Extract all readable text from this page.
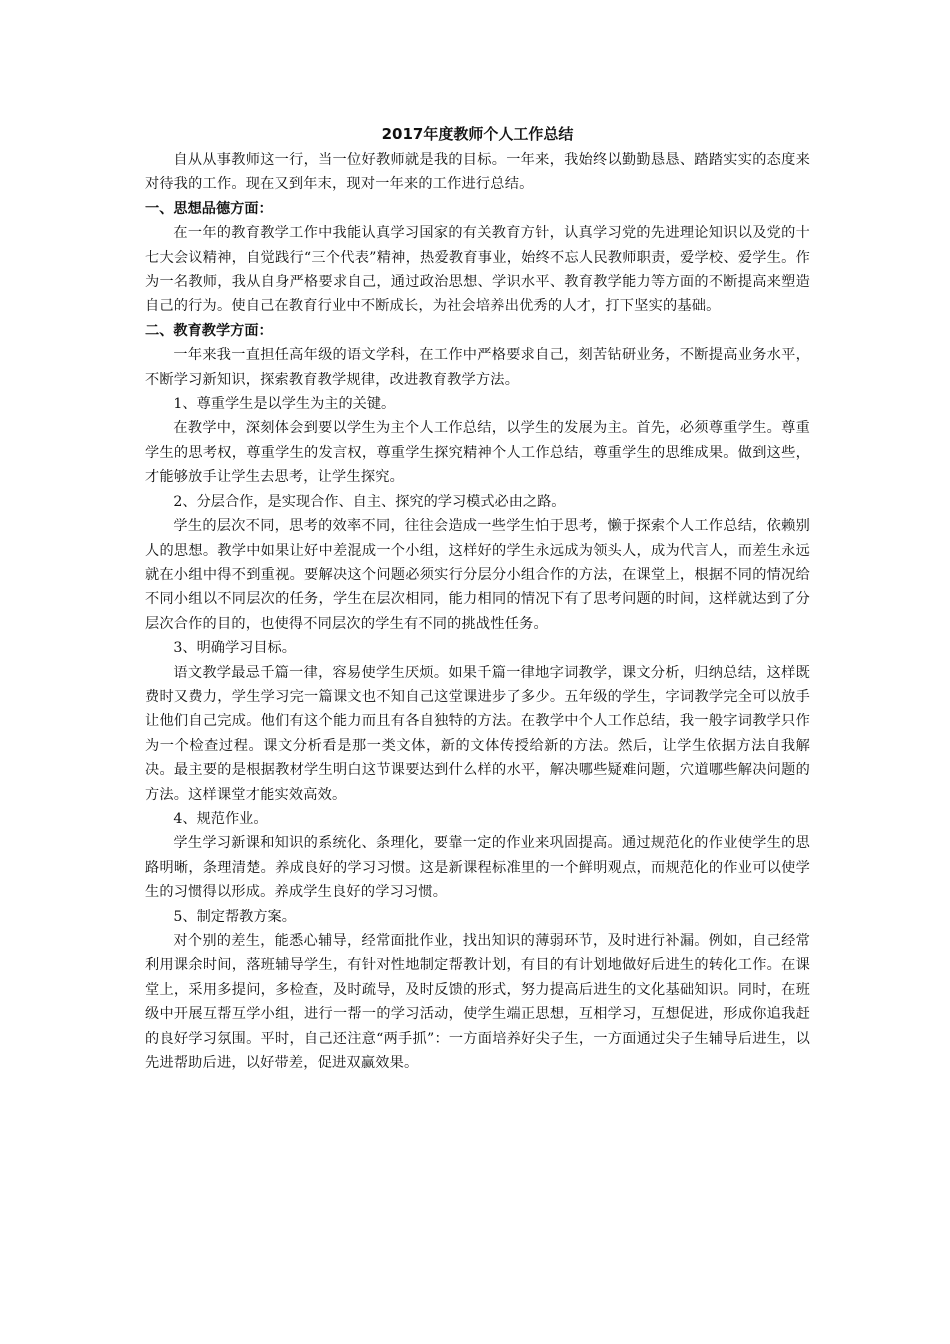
2017年度教师个人工作总结

自从从事教师这一行，当一位好教师就是我的目标。一年来，我始终以勤勤恳恳、踏踏实实的态度来对待我的工作。现在又到年末，现对一年来的工作进行总结。

一、思想品德方面：

在一年的教育教学工作中我能认真学习国家的有关教育方针，认真学习党的先进理论知识以及党的十七大会议精神，自觉践行“三个代表”精神，热爱教育事业，始终不忘人民教师职责，爱学校、爱学生。作为一名教师，我从自身严格要求自己，通过政治思想、学识水平、教育教学能力等方面的不断提高来塑造自己的行为。使自己在教育行业中不断成长，为社会培养出优秀的人才，打下坚实的基础。

二、教育教学方面：

一年来我一直担任高年级的语文学科，在工作中严格要求自己，刻苦钻研业务，不断提高业务水平，不断学习新知识，探索教育教学规律，改进教育教学方法。

1、尊重学生是以学生为主的关键。

在教学中，深刻体会到要以学生为主个人工作总结，以学生的发展为主。首先，必须尊重学生。尊重学生的思考权，尊重学生的发言权，尊重学生探究精神个人工作总结，尊重学生的思维成果。做到这些，才能够放手让学生去思考，让学生探究。

2、分层合作，是实现合作、自主、探究的学习模式必由之路。

学生的层次不同，思考的效率不同，往往会造成一些学生怕于思考，懒于探索个人工作总结，依赖别人的思想。教学中如果让好中差混成一个小组，这样好的学生永远成为领头人，成为代言人，而差生永远就在小组中得不到重视。要解决这个问题必须实行分层分小组合作的方法，在课堂上，根据不同的情况给不同小组以不同层次的任务，学生在层次相同，能力相同的情况下有了思考问题的时间，这样就达到了分层次合作的目的，也使得不同层次的学生有不同的挑战性任务。

3、明确学习目标。

语文教学最忌千篇一律，容易使学生厌烦。如果千篇一律地字词教学，课文分析，归纳总结，这样既费时又费力，学生学习完一篇课文也不知自己这堂课进步了多少。五年级的学生，字词教学完全可以放手让他们自己完成。他们有这个能力而且有各自独特的方法。在教学中个人工作总结，我一般字词教学只作为一个检查过程。课文分析看是那一类文体，新的文体传授给新的方法。然后，让学生依据方法自我解决。最主要的是根据教材学生明白这节课要达到什么样的水平，解决哪些疑难问题，穴道哪些解决问题的方法。这样课堂才能实效高效。

4、规范作业。

学生学习新课和知识的系统化、条理化，要靠一定的作业来巩固提高。通过规范化的作业使学生的思路明晰，条理清楚。养成良好的学习习惯。这是新课程标准里的一个鲜明观点，而规范化的作业可以使学生的习惯得以形成。养成学生良好的学习习惯。

5、制定帮教方案。

对个别的差生，能悉心辅导，经常面批作业，找出知识的薄弱环节，及时进行补漏。例如，自己经常利用课余时间，落班辅导学生，有针对性地制定帮教计划，有目的有计划地做好后进生的转化工作。在课堂上，采用多提问，多检查，及时疏导，及时反馈的形式，努力提高后进生的文化基础知识。同时，在班级中开展互帮互学小组，进行一帮一的学习活动，使学生端正思想，互相学习，互想促进，形成你追我赶的良好学习氛围。平时，自己还注意“两手抓”：一方面培养好尖子生，一方面通过尖子生辅导后进生，以先进帮助后进，以好带差，促进双赢效果。
